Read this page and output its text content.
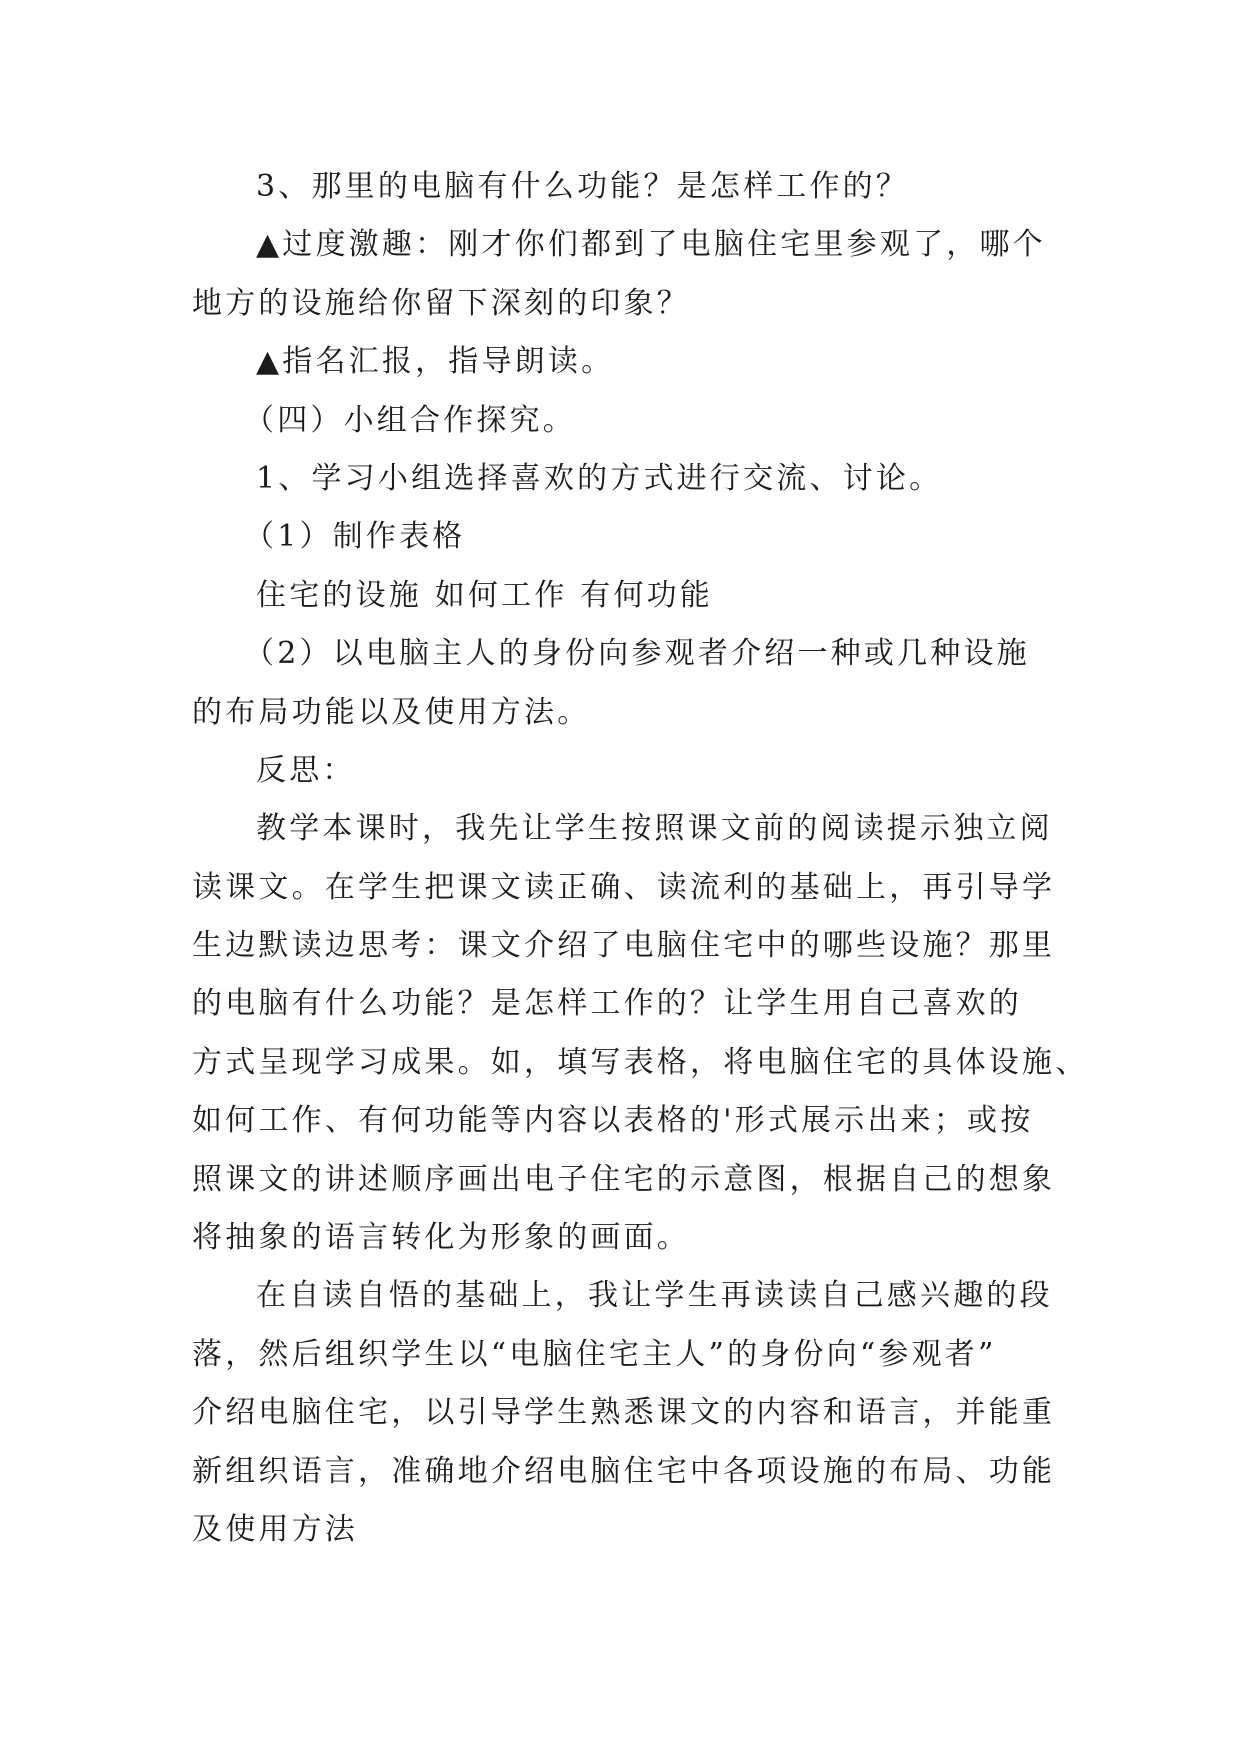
3、那里的电脑有什么功能？是怎样工作的？
▲过度激趣：刚才你们都到了电脑住宅里参观了，哪个
地方的设施给你留下深刻的印象？
▲指名汇报，指导朗读。
（四）小组合作探究。
1、学习小组选择喜欢的方式进行交流、讨论。
（1）制作表格
住宅的设施 如何工作 有何功能
（2）以电脑主人的身份向参观者介绍一种或几种设施
的布局功能以及使用方法。
反思：
教学本课时，我先让学生按照课文前的阅读提示独立阅
读课文。在学生把课文读正确、读流利的基础上，再引导学
生边默读边思考：课文介绍了电脑住宅中的哪些设施？那里
的电脑有什么功能？是怎样工作的？让学生用自己喜欢的
方式呈现学习成果。如，填写表格，将电脑住宅的具体设施、
如何工作、有何功能等内容以表格的'形式展示出来；或按
照课文的讲述顺序画出电子住宅的示意图，根据自己的想象
将抽象的语言转化为形象的画面。
在自读自悟的基础上，我让学生再读读自己感兴趣的段
落，然后组织学生以“电脑住宅主人”的身份向“参观者”
介绍电脑住宅，以引导学生熟悉课文的内容和语言，并能重
新组织语言，准确地介绍电脑住宅中各项设施的布局、功能
及使用方法
